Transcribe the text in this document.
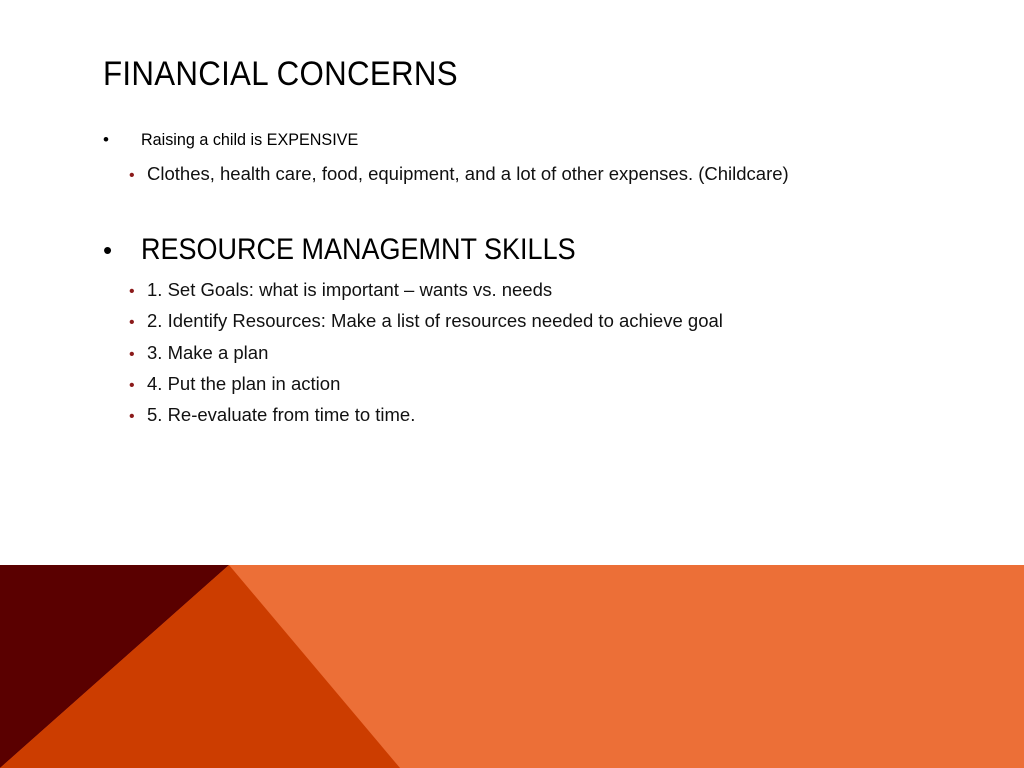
FINANCIAL CONCERNS
•	Raising a child is EXPENSIVE
• Clothes, health care, food, equipment, and a lot of other expenses. (Childcare)
• RESOURCE MANAGEMNT SKILLS
• 1. Set Goals: what is important – wants vs. needs
• 2. Identify Resources: Make a list of resources needed to achieve goal
• 3. Make a plan
• 4. Put the plan in action
• 5. Re-evaluate from time to time.
